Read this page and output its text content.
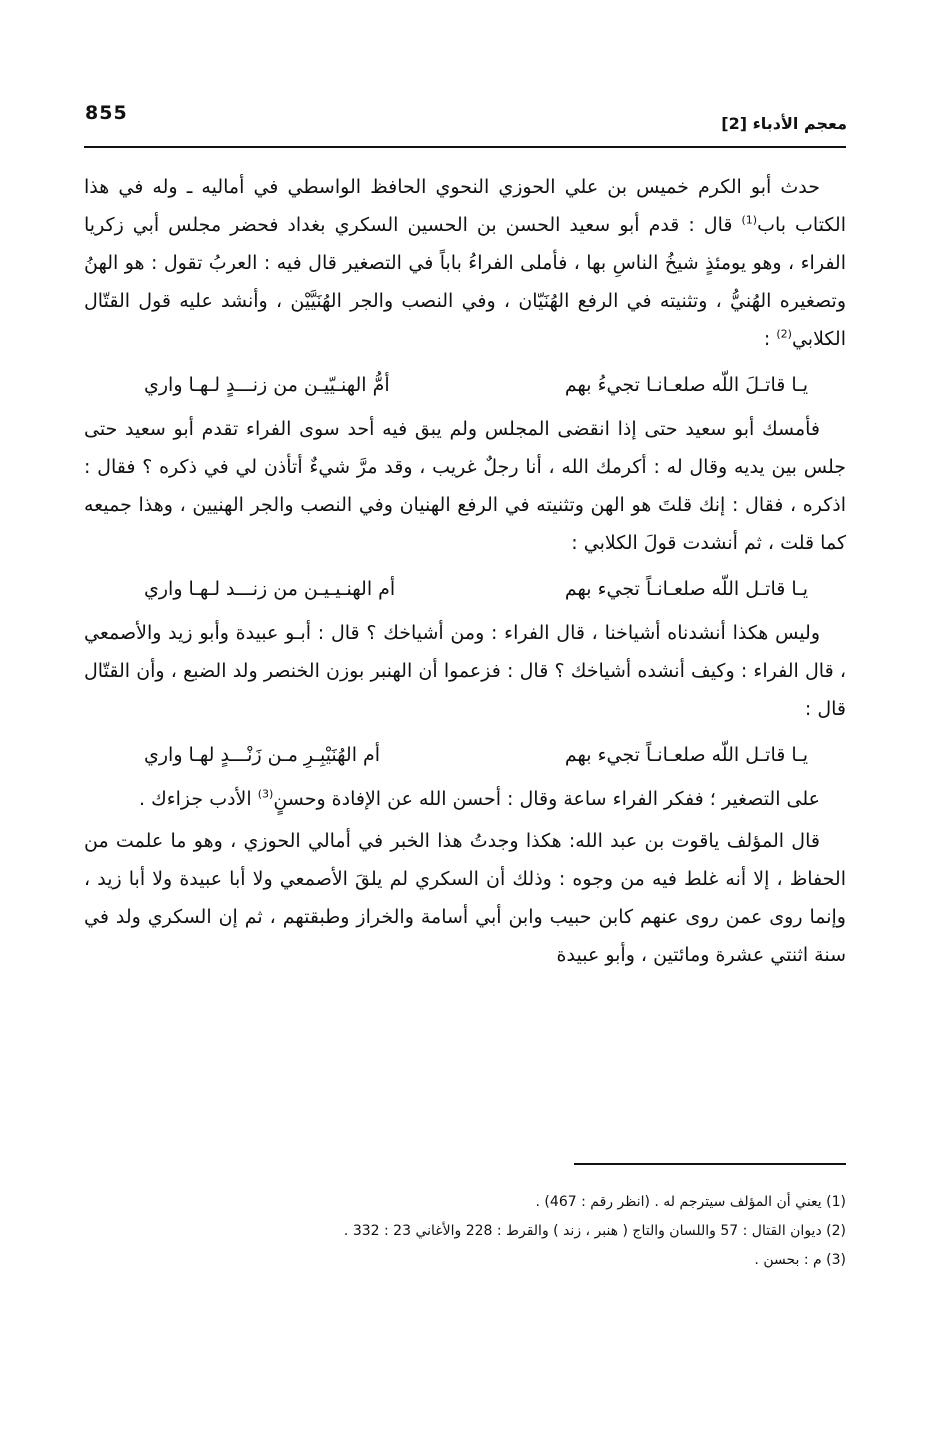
855	معجم الأدباء [2]

حدث أبو الكرم خميس بن علي الحوزي النحوي الحافظ الواسطي في أماليه ـ وله في هذا الكتاب باب$^{(1)}$ قال : قدم أبو سعيد الحسن بن الحسين السكري بغداد فحضر مجلس أبي زكريا الفراء ، وهو يومئذٍ شيخُ الناسِ بها ، فأملى الفراءُ باباً في التصغير قال فيه : العربُ تقول : هو الهنُ وتصغيره الهُنيُّ ، وتثنيته في الرفع الهُنَيّان ، وفي النصب والجر الهُنَيَّيْن ، وأنشد عليه قول القتّال الكلابي$^{(2)}$ :

يـا قاتـلَ اللّه صلعـانـا تجيءُ بهم
أمُّ الهنـيّيـن من زنـــدٍ لـهـا واري

فأمسك أبو سعيد حتى إذا انقضى المجلس ولم يبق فيه أحد سوى الفراء تقدم أبو سعيد حتى جلس بين يديه وقال له : أكرمك الله ، أنا رجلٌ غريب ، وقد مرَّ شيءٌ أتأذن لي في ذكره ؟ فقال : اذكره ، فقال : إنك قلتَ هو الهن وتثنيته في الرفع الهنيان وفي النصب والجر الهنيين ، وهذا جميعه كما قلت ، ثم أنشدت قولَ الكلابي :

يـا قاتـل اللّه صلعـانـاً تجيء بهم
أم الهنـيـيـن من زنـــد لـهـا واري

وليس هكذا أنشدناه أشياخنا ، قال الفراء : ومن أشياخك ؟ قال : أبـو عبيدة وأبو زيد والأصمعي ، قال الفراء : وكيف أنشده أشياخك ؟ قال : فزعموا أن الهنبر بوزن الخنصر ولد الضبع ، وأن القتّال قال :

يـا قاتـل اللّه صلعـانـاً تجيء بهم
أم الهُنَيْبِـرِ مـن زَنْـــدٍ لهـا واري

على التصغير ؛ ففكر الفراء ساعة وقال : أحسن الله عن الإفادة وحسنٍ$^{(3)}$ الأدب جزاءك .

قال المؤلف ياقوت بن عبد الله: هكذا وجدتُ هذا الخبر في أمالي الحوزي ، وهو ما علمت من الحفاظ ، إلا أنه غلط فيه من وجوه : وذلك أن السكري لم يلقَ الأصمعي ولا أبا عبيدة ولا أبا زيد ، وإنما روى عمن روى عنهم كابن حبيب وابن أبي أسامة والخراز وطبقتهم ، ثم إن السكري ولد في سنة اثنتي عشرة ومائتين ، وأبو عبيدة

(1) يعني أن المؤلف سيترجم له . (انظر رقم : 467) .

(2) ديوان القتال : 57 واللسان والتاج ( هنبر ، زند ) والقرط : 228 والأغاني 23 : 332 .

(3) م : بحسن .
